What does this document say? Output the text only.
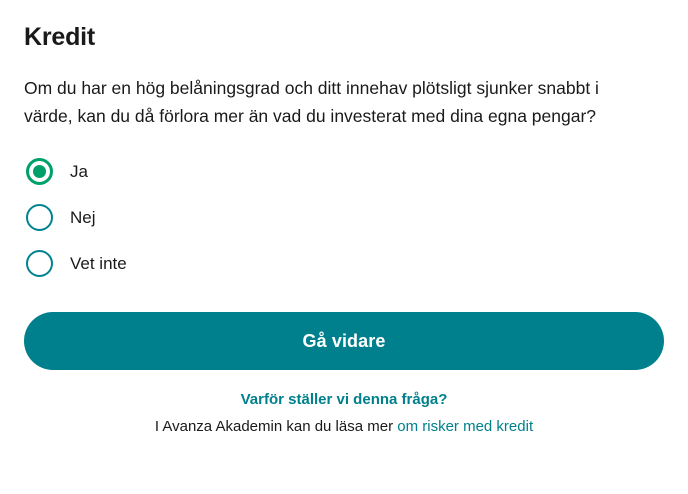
Kredit

Om du har en hög belåningsgrad och ditt innehav plötsligt sjunker snabbt i värde, kan du då förlora mer än vad du investerat med dina egna pengar?

Ja
Nej
Vet inte
Gå vidare
Varför ställer vi denna fråga?
I Avanza Akademin kan du läsa mer om risker med kredit
